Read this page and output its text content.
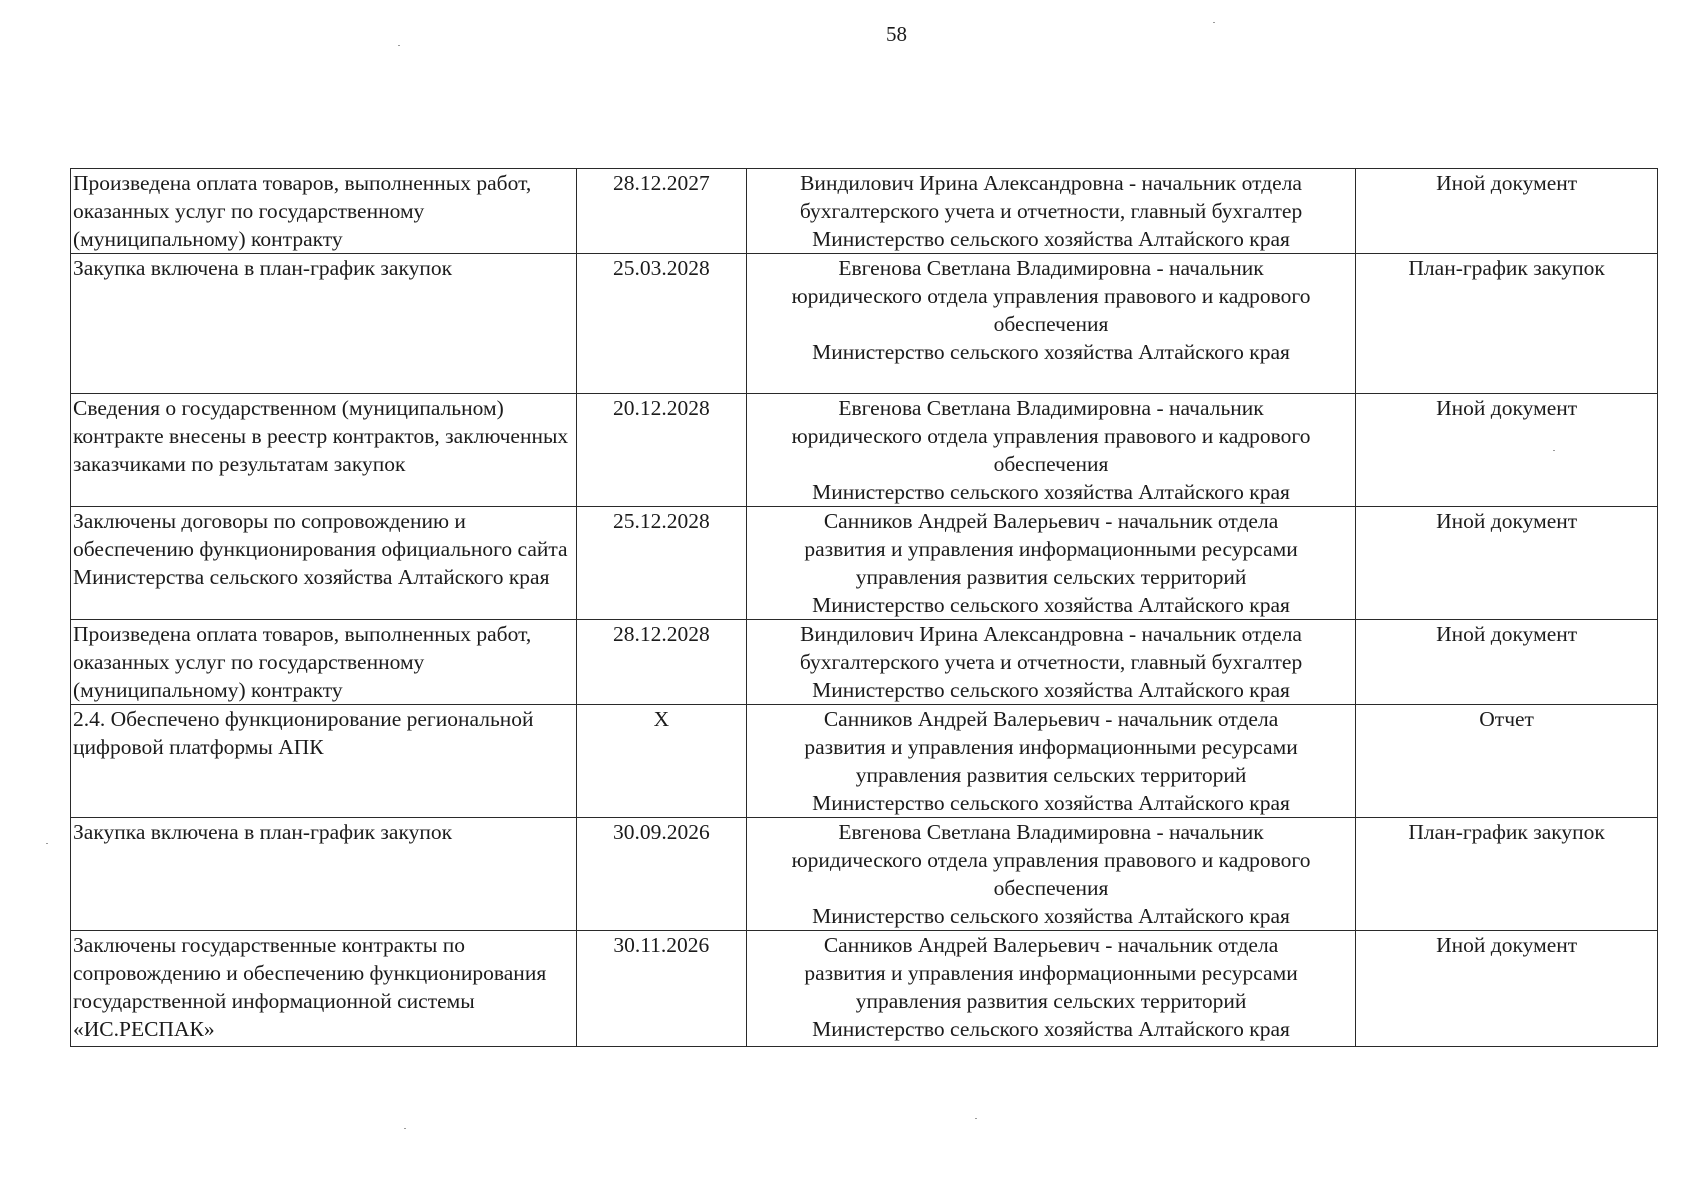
58
Произведена оплата товаров, выполненных работ, оказанных услуг по государственному (муниципальному) контракту	28.12.2027	Виндилович Ирина Александровна - начальник отдела
бухгалтерского учета и отчетности, главный бухгалтер
Министерство сельского хозяйства Алтайского края	Иной документ
Закупка включена в план-график закупок	25.03.2028	Евгенова Светлана Владимировна - начальник
юридического отдела управления правового и кадрового
обеспечения
Министерство сельского хозяйства Алтайского края	План-график закупок
Сведения о государственном (муниципальном) контракте внесены в реестр контрактов, заключенных заказчиками по результатам закупок	20.12.2028	Евгенова Светлана Владимировна - начальник
юридического отдела управления правового и кадрового
обеспечения
Министерство сельского хозяйства Алтайского края	Иной документ
Заключены договоры по сопровождению и обеспечению функционирования официального сайта Министерства сельского хозяйства Алтайского края	25.12.2028	Санников Андрей Валерьевич - начальник отдела
развития и управления информационными ресурсами
управления развития сельских территорий
Министерство сельского хозяйства Алтайского края	Иной документ
Произведена оплата товаров, выполненных работ, оказанных услуг по государственному (муниципальному) контракту	28.12.2028	Виндилович Ирина Александровна - начальник отдела
бухгалтерского учета и отчетности, главный бухгалтер
Министерство сельского хозяйства Алтайского края	Иной документ
2.4. Обеспечено функционирование региональной цифровой платформы АПК	X	Санников Андрей Валерьевич - начальник отдела
развития и управления информационными ресурсами
управления развития сельских территорий
Министерство сельского хозяйства Алтайского края	Отчет
Закупка включена в план-график закупок	30.09.2026	Евгенова Светлана Владимировна - начальник
юридического отдела управления правового и кадрового
обеспечения
Министерство сельского хозяйства Алтайского края	План-график закупок
Заключены государственные контракты по сопровождению и обеспечению функционирования государственной информационной системы «ИС.РЕСПАК»	30.11.2026	Санников Андрей Валерьевич - начальник отдела
развития и управления информационными ресурсами
управления развития сельских территорий
Министерство сельского хозяйства Алтайского края	Иной документ
